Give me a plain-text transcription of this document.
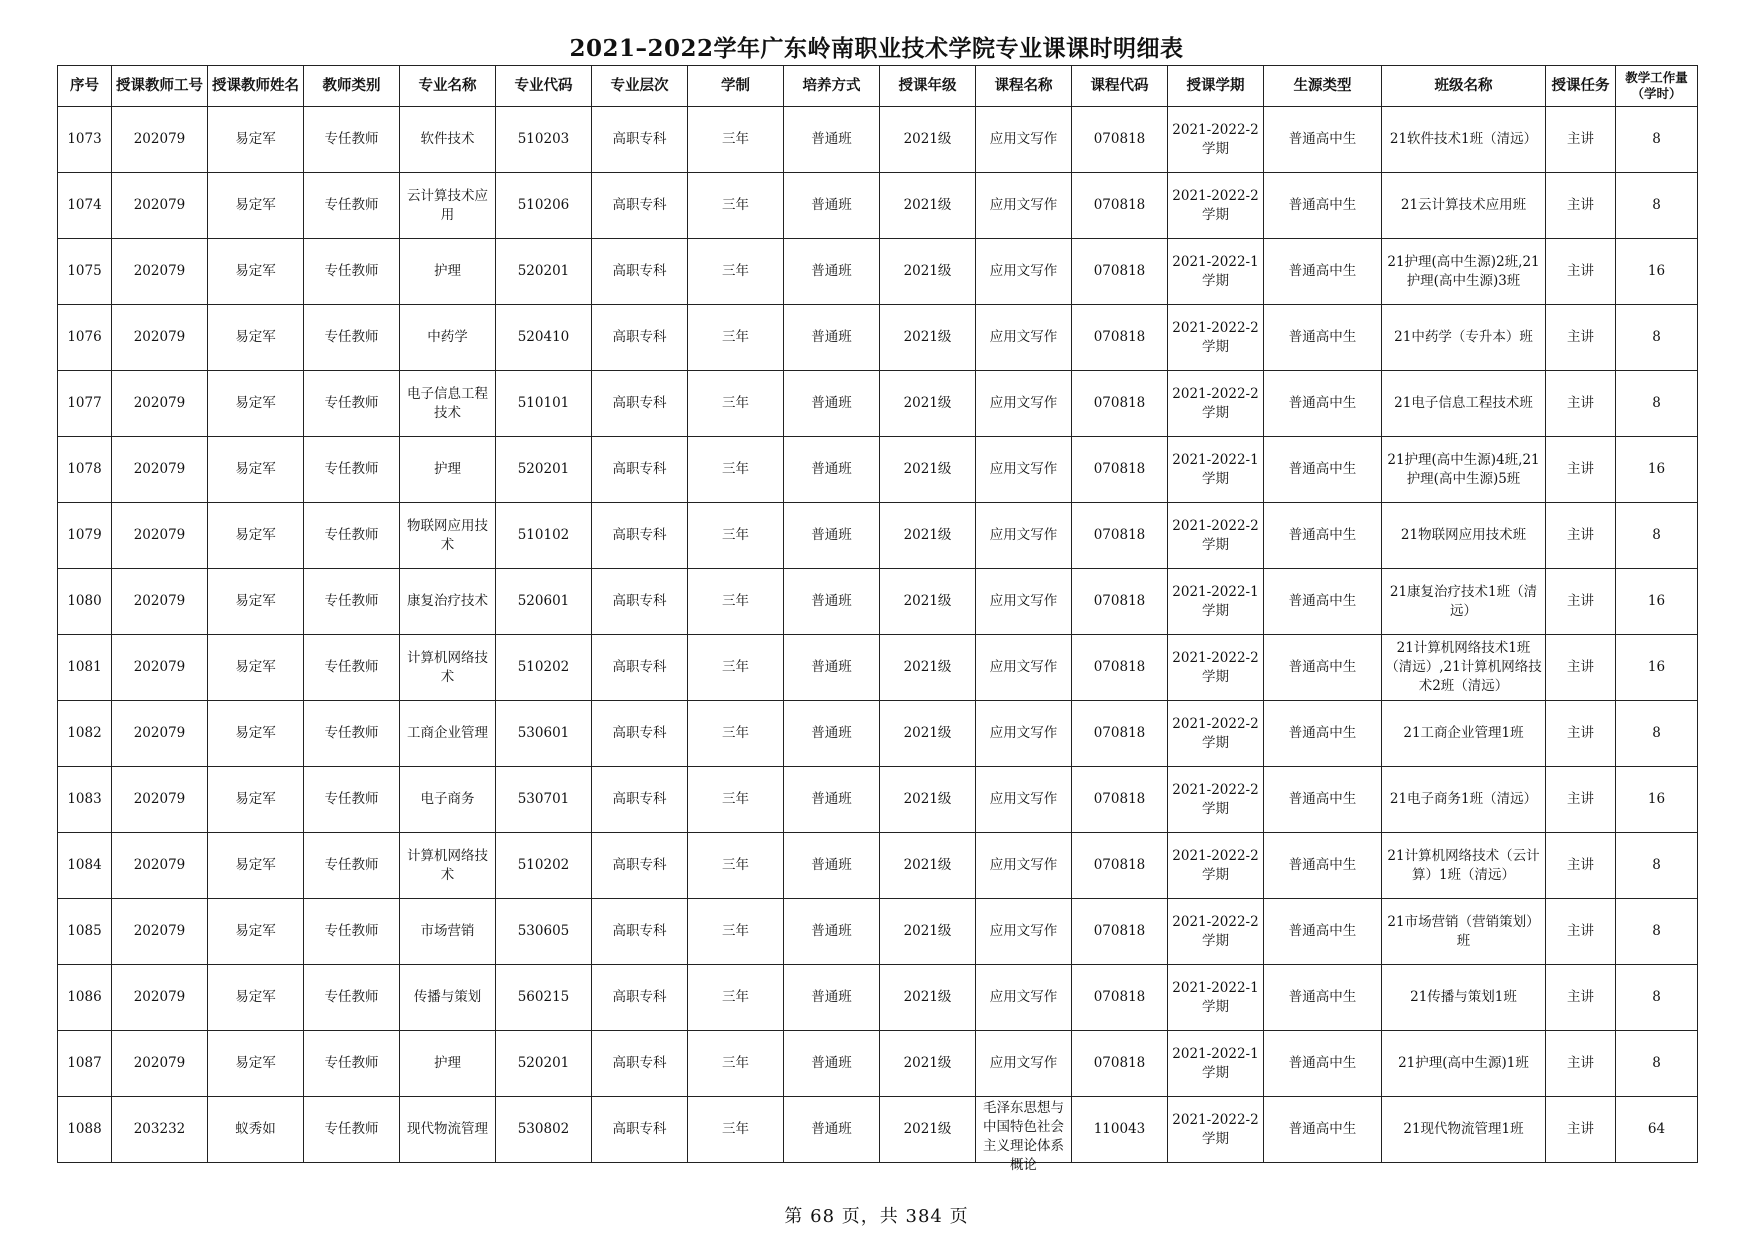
2021–2022学年广东岭南职业技术学院专业课课时明细表
序号	授课教师工号	授课教师姓名	教师类别	专业名称	专业代码	专业层次	学制	培养方式	授课年级	课程名称	课程代码	授课学期	生源类型	班级名称	授课任务	教学工作量（学时）

1073	202079	易定军	专任教师	软件技术	510203	高职专科	三年	普通班	2021级	应用文写作	070818	2021-2022-2学期	普通高中生	21软件技术1班（清远）	主讲	8

1074	202079	易定军	专任教师	云计算技术应用	510206	高职专科	三年	普通班	2021级	应用文写作	070818	2021-2022-2学期	普通高中生	21云计算技术应用班	主讲	8

1075	202079	易定军	专任教师	护理	520201	高职专科	三年	普通班	2021级	应用文写作	070818	2021-2022-1学期	普通高中生	21护理(高中生源)2班,21护理(高中生源)3班	主讲	16

1076	202079	易定军	专任教师	中药学	520410	高职专科	三年	普通班	2021级	应用文写作	070818	2021-2022-2学期	普通高中生	21中药学（专升本）班	主讲	8

1077	202079	易定军	专任教师	电子信息工程技术	510101	高职专科	三年	普通班	2021级	应用文写作	070818	2021-2022-2学期	普通高中生	21电子信息工程技术班	主讲	8

1078	202079	易定军	专任教师	护理	520201	高职专科	三年	普通班	2021级	应用文写作	070818	2021-2022-1学期	普通高中生	21护理(高中生源)4班,21护理(高中生源)5班	主讲	16

1079	202079	易定军	专任教师	物联网应用技术	510102	高职专科	三年	普通班	2021级	应用文写作	070818	2021-2022-2学期	普通高中生	21物联网应用技术班	主讲	8

1080	202079	易定军	专任教师	康复治疗技术	520601	高职专科	三年	普通班	2021级	应用文写作	070818	2021-2022-1学期	普通高中生	21康复治疗技术1班（清远）	主讲	16

1081	202079	易定军	专任教师	计算机网络技术	510202	高职专科	三年	普通班	2021级	应用文写作	070818	2021-2022-2学期	普通高中生	21计算机网络技术1班（清远）,21计算机网络技术2班（清远）	主讲	16

1082	202079	易定军	专任教师	工商企业管理	530601	高职专科	三年	普通班	2021级	应用文写作	070818	2021-2022-2学期	普通高中生	21工商企业管理1班	主讲	8

1083	202079	易定军	专任教师	电子商务	530701	高职专科	三年	普通班	2021级	应用文写作	070818	2021-2022-2学期	普通高中生	21电子商务1班（清远）	主讲	16

1084	202079	易定军	专任教师	计算机网络技术	510202	高职专科	三年	普通班	2021级	应用文写作	070818	2021-2022-2学期	普通高中生	21计算机网络技术（云计算）1班（清远）	主讲	8

1085	202079	易定军	专任教师	市场营销	530605	高职专科	三年	普通班	2021级	应用文写作	070818	2021-2022-2学期	普通高中生	21市场营销（营销策划）班	主讲	8

1086	202079	易定军	专任教师	传播与策划	560215	高职专科	三年	普通班	2021级	应用文写作	070818	2021-2022-1学期	普通高中生	21传播与策划1班	主讲	8

1087	202079	易定军	专任教师	护理	520201	高职专科	三年	普通班	2021级	应用文写作	070818	2021-2022-1学期	普通高中生	21护理(高中生源)1班	主讲	8

1088	203232	蚁秀如	专任教师	现代物流管理	530802	高职专科	三年	普通班	2021级	毛泽东思想与中国特色社会主义理论体系概论	110043	2021-2022-2学期	普通高中生	21现代物流管理1班	主讲	64
第 68 页，共 384 页
